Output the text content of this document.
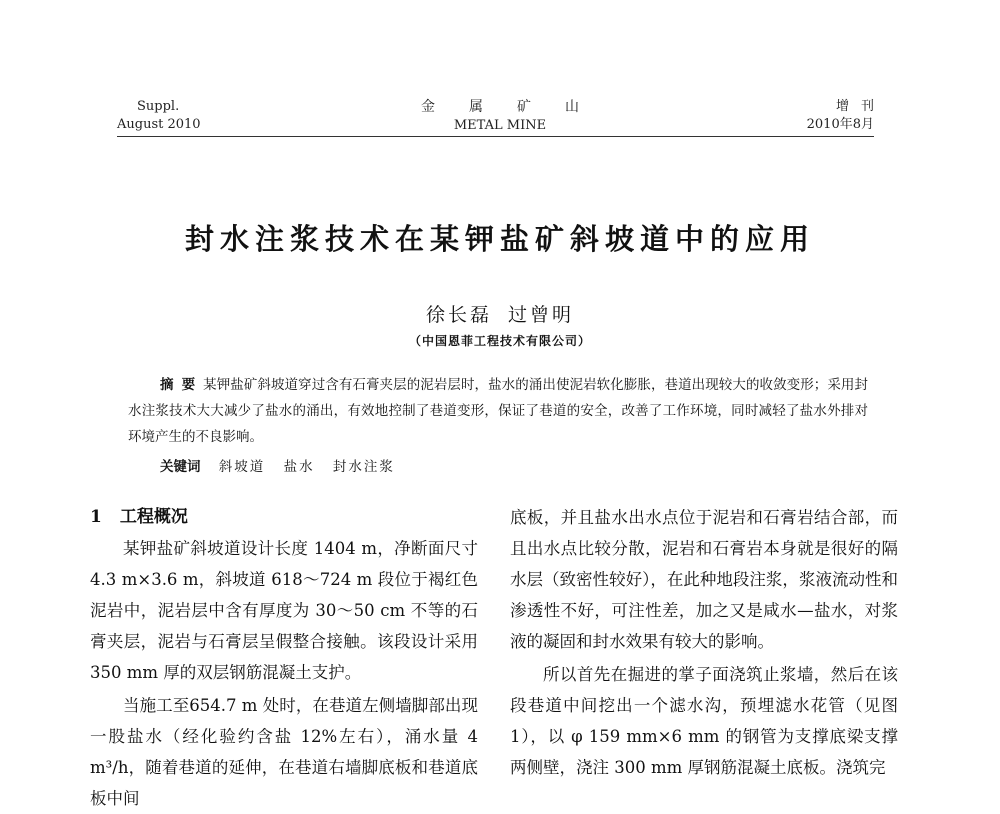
Suppl.
August 2010
金属矿山
METAL MINE
增刊
2010年8月
封水注浆技术在某钾盐矿斜坡道中的应用
徐长磊 过曾明
（中国恩菲工程技术有限公司）
摘要某钾盐矿斜坡道穿过含有石膏夹层的泥岩层时，盐水的涌出使泥岩软化膨胀，巷道出现较大的收敛变形；采用封水注浆技术大大减少了盐水的涌出，有效地控制了巷道变形，保证了巷道的安全，改善了工作环境，同时减轻了盐水外排对环境产生的不良影响。
关键词 斜坡道 盐水 封水注浆
1 工程概况

某钾盐矿斜坡道设计长度 1404 m，净断面尺寸4.3 m×3.6 m，斜坡道 618～724 m 段位于褐红色泥岩中，泥岩层中含有厚度为 30～50 cm 不等的石膏夹层，泥岩与石膏层呈假整合接触。该段设计采用350 mm 厚的双层钢筋混凝土支护。

当施工至654.7 m 处时，在巷道左侧墙脚部出现一股盐水（经化验约含盐 12%左右），涌水量 4 m³/h，随着巷道的延伸，在巷道右墙脚底板和巷道底板中间

底板，并且盐水出水点位于泥岩和石膏岩结合部，而且出水点比较分散，泥岩和石膏岩本身就是很好的隔水层（致密性较好），在此种地段注浆，浆液流动性和渗透性不好，可注性差，加之又是咸水—盐水，对浆液的凝固和封水效果有较大的影响。

所以首先在掘进的掌子面浇筑止浆墙，然后在该段巷道中间挖出一个滤水沟，预埋滤水花管（见图1），以 φ 159 mm×6 mm 的钢管为支撑底梁支撑两侧壁，浇注 300 mm 厚钢筋混凝土底板。浇筑完
